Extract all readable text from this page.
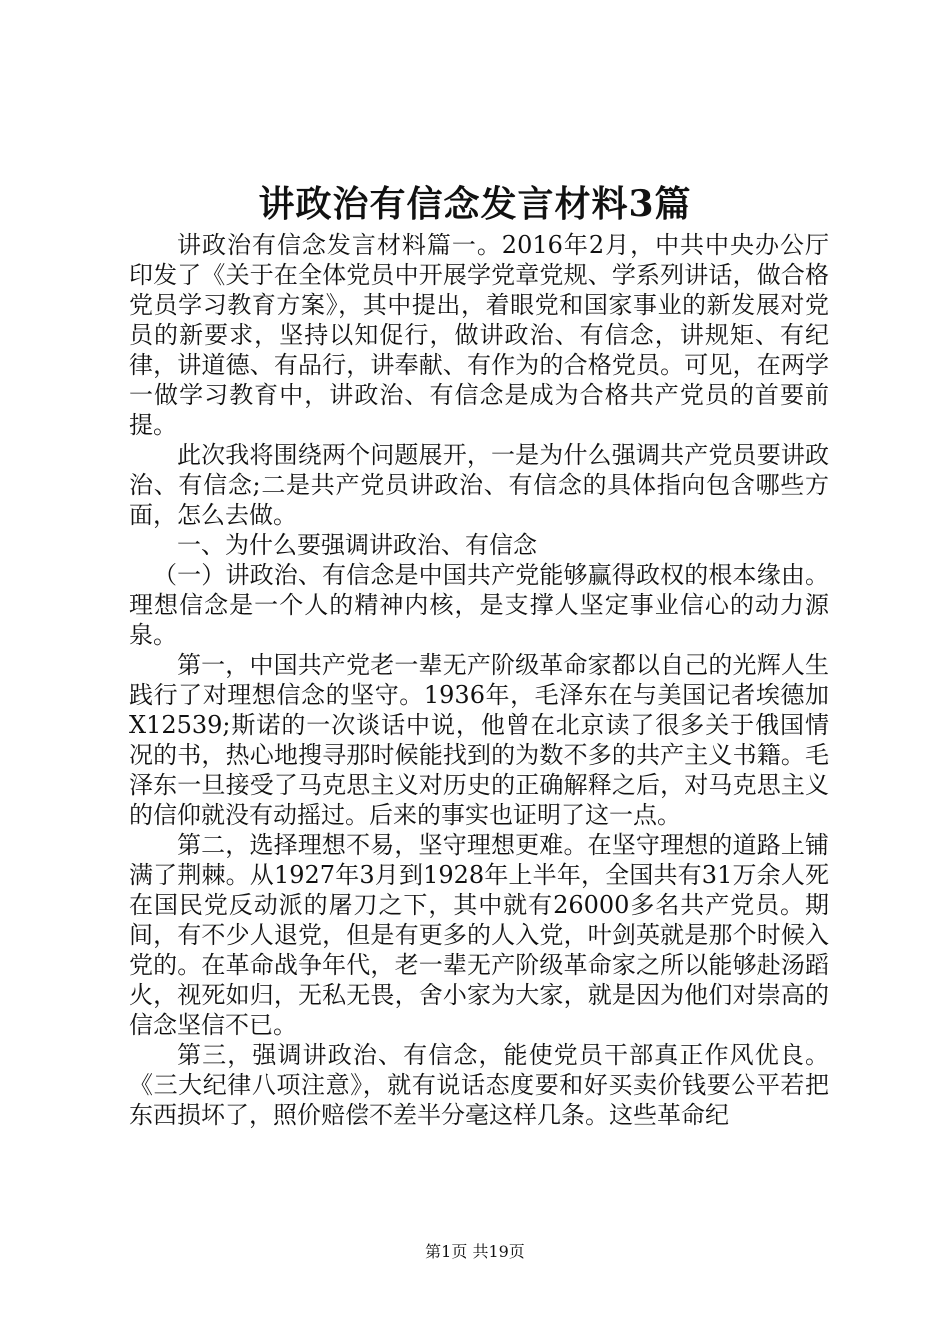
讲政治有信念发言材料3篇

讲政治有信念发言材料篇一。2016年2月，中共中央办公厅印发了《关于在全体党员中开展学党章党规、学系列讲话，做合格党员学习教育方案》，其中提出，着眼党和国家事业的新发展对党员的新要求，坚持以知促行，做讲政治、有信念，讲规矩、有纪律，讲道德、有品行，讲奉献、有作为的合格党员。可见，在两学一做学习教育中，讲政治、有信念是成为合格共产党员的首要前提。

此次我将围绕两个问题展开，一是为什么强调共产党员要讲政治、有信念;二是共产党员讲政治、有信念的具体指向包含哪些方面，怎么去做。

一、为什么要强调讲政治、有信念

（一）讲政治、有信念是中国共产党能够赢得政权的根本缘由。理想信念是一个人的精神内核，是支撑人坚定事业信心的动力源泉。

第一，中国共产党老一辈无产阶级革命家都以自己的光辉人生践行了对理想信念的坚守。1936年，毛泽东在与美国记者埃德加X12539;斯诺的一次谈话中说，他曾在北京读了很多关于俄国情况的书，热心地搜寻那时候能找到的为数不多的共产主义书籍。毛泽东一旦接受了马克思主义对历史的正确解释之后，对马克思主义的信仰就没有动摇过。后来的事实也证明了这一点。

第二，选择理想不易，坚守理想更难。在坚守理想的道路上铺满了荆棘。从1927年3月到1928年上半年，全国共有31万余人死在国民党反动派的屠刀之下，其中就有26000多名共产党员。期间，有不少人退党，但是有更多的人入党，叶剑英就是那个时候入党的。在革命战争年代，老一辈无产阶级革命家之所以能够赴汤蹈火，视死如归，无私无畏，舍小家为大家，就是因为他们对崇高的信念坚信不已。

第三，强调讲政治、有信念，能使党员干部真正作风优良。《三大纪律八项注意》，就有说话态度要和好买卖价钱要公平若把东西损坏了，照价赔偿不差半分毫这样几条。这些革命纪

第1页 共19页
